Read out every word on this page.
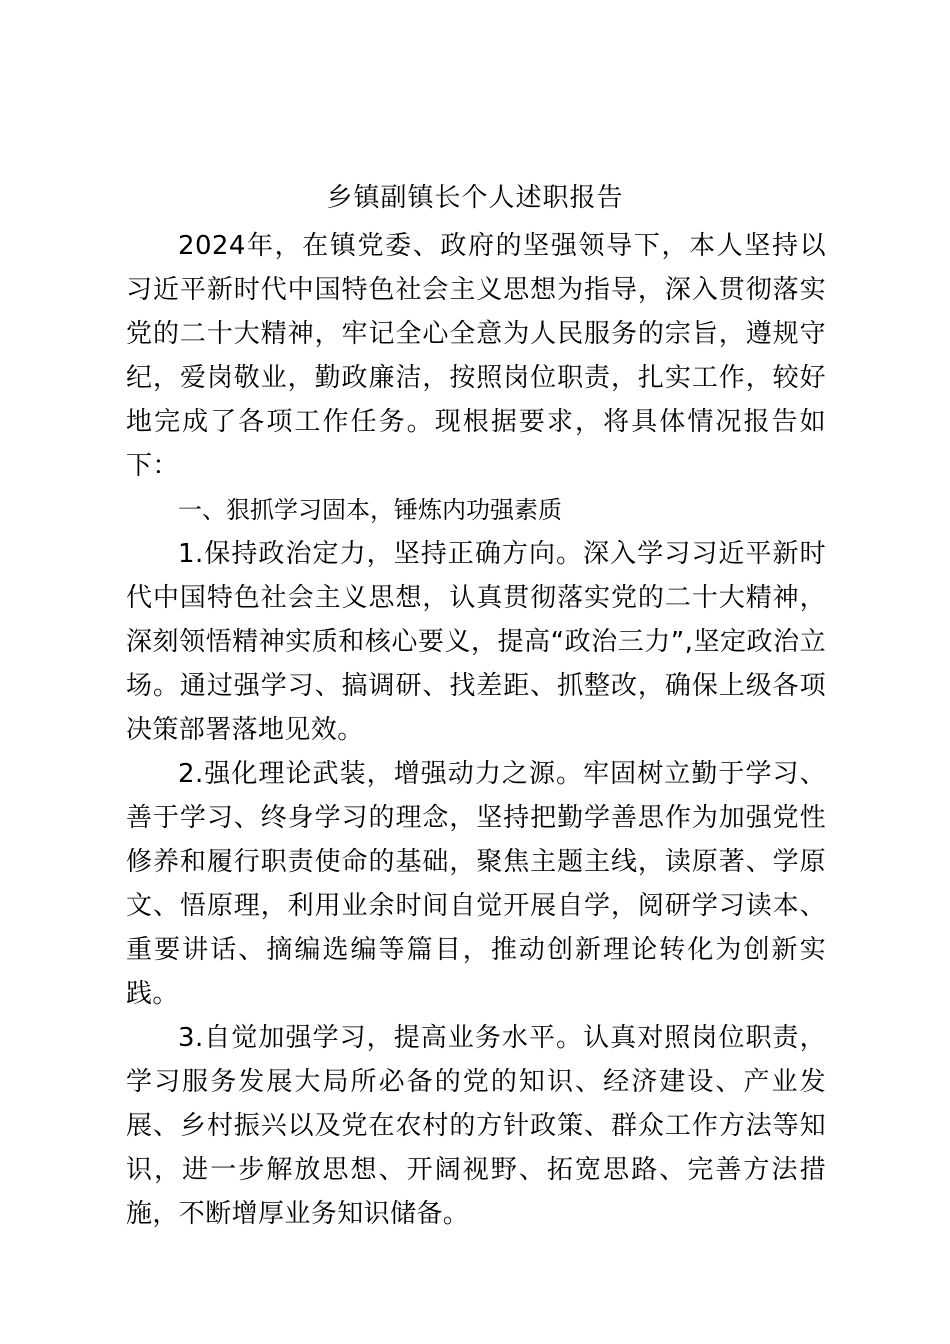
乡镇副镇长个人述职报告

2024年，在镇党委、政府的坚强领导下，本人坚持以习近平新时代中国特色社会主义思想为指导，深入贯彻落实党的二十大精神，牢记全心全意为人民服务的宗旨，遵规守纪，爱岗敬业，勤政廉洁，按照岗位职责，扎实工作，较好地完成了各项工作任务。现根据要求，将具体情况报告如下：

一、狠抓学习固本，锤炼内功强素质

1.保持政治定力，坚持正确方向。深入学习习近平新时代中国特色社会主义思想，认真贯彻落实党的二十大精神，深刻领悟精神实质和核心要义，提高“政治三力”,坚定政治立场。通过强学习、搞调研、找差距、抓整改，确保上级各项决策部署落地见效。

2.强化理论武装，增强动力之源。牢固树立勤于学习、善于学习、终身学习的理念，坚持把勤学善思作为加强党性修养和履行职责使命的基础，聚焦主题主线，读原著、学原文、悟原理，利用业余时间自觉开展自学，阅研学习读本、重要讲话、摘编选编等篇目，推动创新理论转化为创新实践。

3.自觉加强学习，提高业务水平。认真对照岗位职责，学习服务发展大局所必备的党的知识、经济建设、产业发展、乡村振兴以及党在农村的方针政策、群众工作方法等知识，进一步解放思想、开阔视野、拓宽思路、完善方法措施，不断增厚业务知识储备。
